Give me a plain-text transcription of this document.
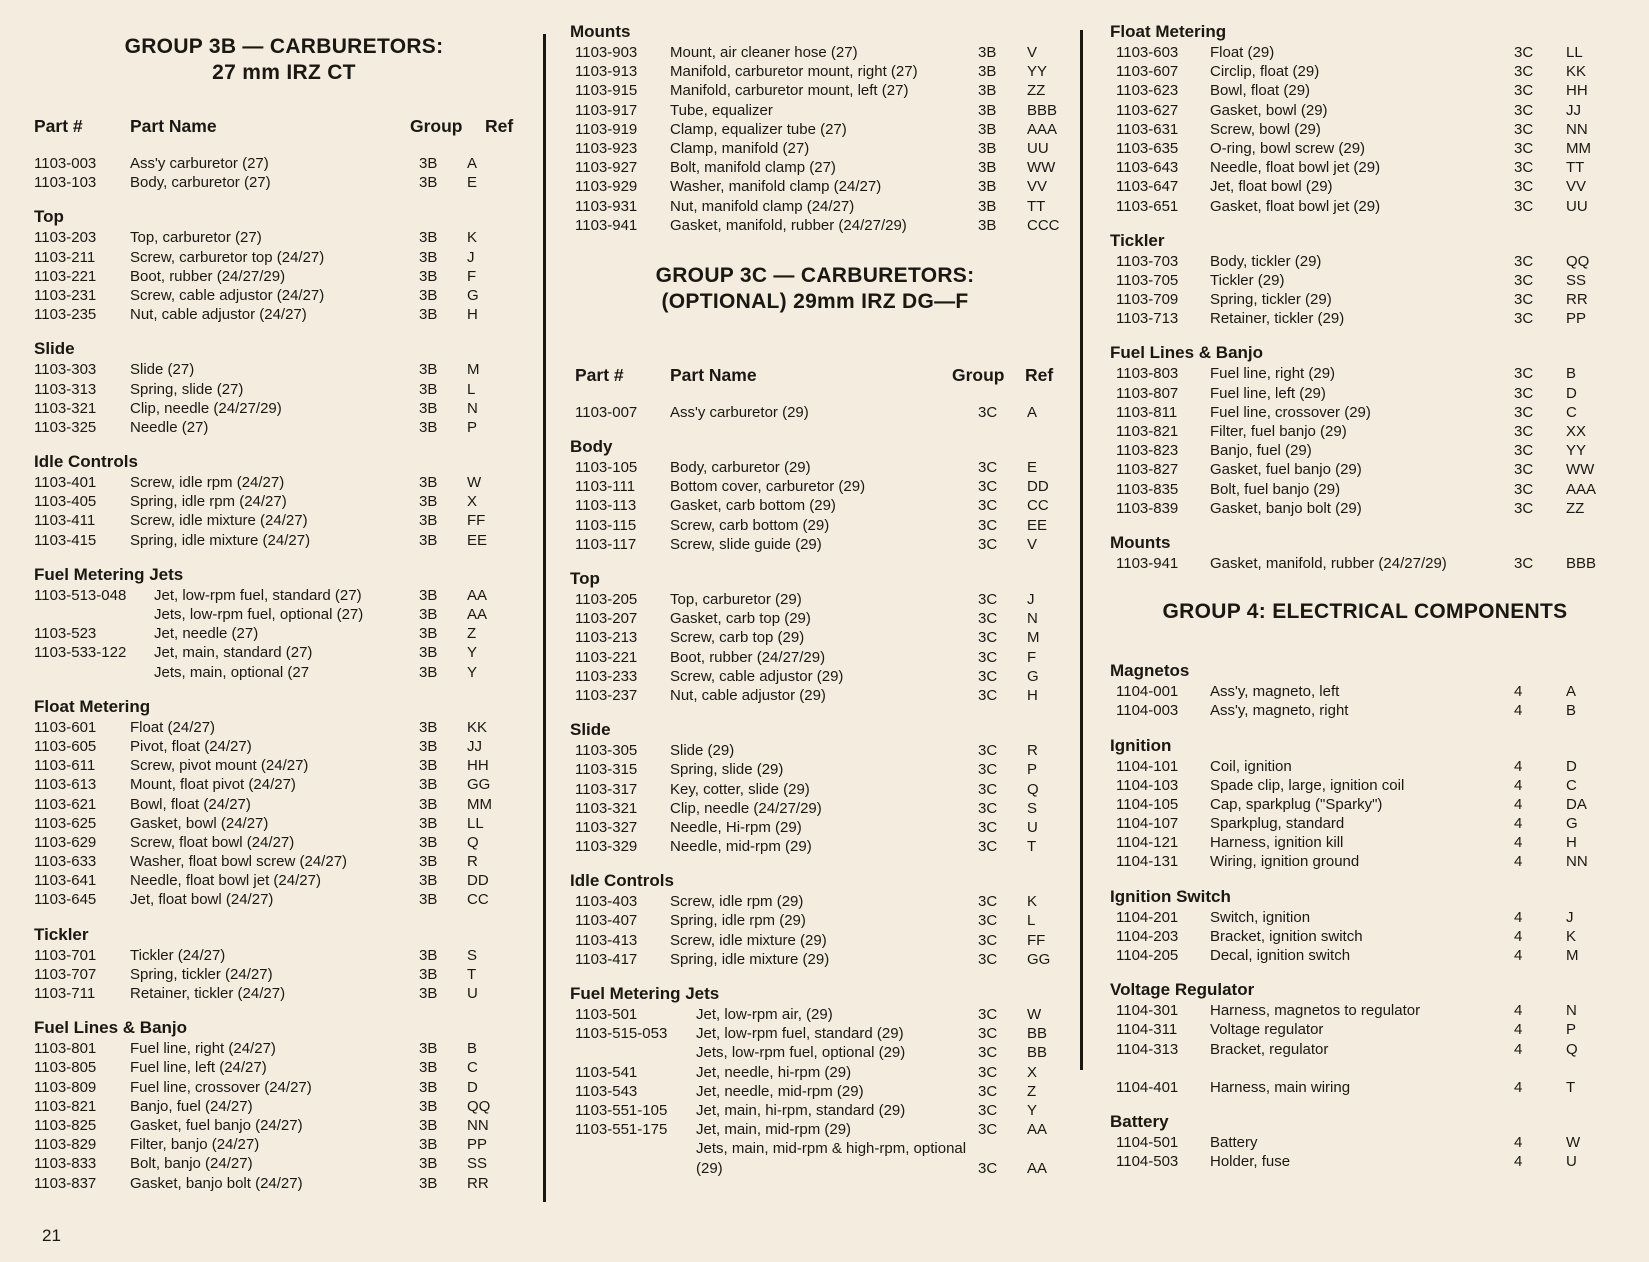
GROUP 3B — CARBURETORS:
27 mm IRZ CT
Part #	Part Name	Group Ref
1103-003 Ass'y carburetor (27)	3B A
1103-103 Body, carburetor (27)	3B E
Top
1103-203 Top, carburetor (27)	3B K
1103-211 Screw, carburetor top (24/27)	3B J
1103-221 Boot, rubber (24/27/29)	3B F
1103-231 Screw, cable adjustor (24/27)	3B G
1103-235 Nut, cable adjustor (24/27)	3B H
Slide
1103-303 Slide (27)	3B M
1103-313 Spring, slide (27)	3B L
1103-321 Clip, needle (24/27/29)	3B N
1103-325 Needle (27)	3B P
Idle Controls
1103-401 Screw, idle rpm (24/27)	3B W
1103-405 Spring, idle rpm (24/27)	3B X
1103-411 Screw, idle mixture (24/27)	3B FF
1103-415 Spring, idle mixture (24/27)	3B EE
Fuel Metering Jets
1103-513-048 Jet, low-rpm fuel, standard (27)	3B AA
Jets, low-rpm fuel, optional (27)	3B AA
1103-523	Jet, needle (27)	3B Z
1103-533-122 Jet, main, standard (27)	3B Y
Jets, main, optional (27	3B Y
Float Metering
1103-601 Float (24/27)	3B KK
1103-605 Pivot, float (24/27)	3B JJ
1103-611 Screw, pivot mount (24/27)	3B HH
1103-613 Mount, float pivot (24/27)	3B GG
1103-621 Bowl, float (24/27)	3B MM
1103-625 Gasket, bowl (24/27)	3B LL
1103-629 Screw, float bowl (24/27)	3B Q
1103-633 Washer, float bowl screw (24/27)	3B R
1103-641 Needle, float bowl jet (24/27)	3B DD
1103-645 Jet, float bowl (24/27)	3B CC
Tickler
1103-701 Tickler (24/27)	3B S
1103-707 Spring, tickler (24/27)	3B T
1103-711 Retainer, tickler (24/27)	3B U
Fuel Lines & Banjo
1103-801 Fuel line, right (24/27)	3B B
1103-805 Fuel line, left (24/27)	3B C
1103-809 Fuel line, crossover (24/27)	3B D
1103-821 Banjo, fuel (24/27)	3B QQ
1103-825 Gasket, fuel banjo (24/27)	3B NN
1103-829 Filter, banjo (24/27)	3B PP
1103-833 Bolt, banjo (24/27)	3B SS
1103-837 Gasket, banjo bolt (24/27)	3B RR
Mounts
1103-903 Mount, air cleaner hose (27)	3B V
1103-913 Manifold, carburetor mount, right (27)	3B YY
1103-915 Manifold, carburetor mount, left (27)	3B ZZ
1103-917 Tube, equalizer	3B BBB
1103-919 Clamp, equalizer tube (27)	3B AAA
1103-923 Clamp, manifold (27)	3B UU
1103-927 Bolt, manifold clamp (27)	3B WW
1103-929 Washer, manifold clamp (24/27)	3B VV
1103-931 Nut, manifold clamp (24/27)	3B TT
1103-941 Gasket, manifold, rubber (24/27/29)	3B CCC
GROUP 3C — CARBURETORS:
(OPTIONAL) 29mm IRZ DG—F
Part #	Part Name	Group Ref
1103-007 Ass'y carburetor (29)	3C A
Body
1103-105 Body, carburetor (29)	3C E
1103-111 Bottom cover, carburetor (29)	3C DD
1103-113 Gasket, carb bottom (29)	3C CC
1103-115 Screw, carb bottom (29)	3C EE
1103-117 Screw, slide guide (29)	3C V
Top
1103-205 Top, carburetor (29)	3C J
1103-207 Gasket, carb top (29)	3C N
1103-213 Screw, carb top (29)	3C M
1103-221 Boot, rubber (24/27/29)	3C F
1103-233 Screw, cable adjustor (29)	3C G
1103-237 Nut, cable adjustor (29)	3C H
Slide
1103-305 Slide (29)	3C R
1103-315 Spring, slide (29)	3C P
1103-317 Key, cotter, slide (29)	3C Q
1103-321 Clip, needle (24/27/29)	3C S
1103-327 Needle, Hi-rpm (29)	3C U
1103-329 Needle, mid-rpm (29)	3C T
Idle Controls
1103-403 Screw, idle rpm (29)	3C K
1103-407 Spring, idle rpm (29)	3C L
1103-413 Screw, idle mixture (29)	3C FF
1103-417 Spring, idle mixture (29)	3C GG
Fuel Metering Jets
1103-501	Jet, low-rpm air, (29)	3C W
1103-515-053 Jet, low-rpm fuel, standard (29)	3C BB
Jets, low-rpm fuel, optional (29)	3C BB
1103-541	Jet, needle, hi-rpm (29)	3C X
1103-543	Jet, needle, mid-rpm (29)	3C Z
1103-551-105 Jet, main, hi-rpm, standard (29)	3C Y
1103-551-175 Jet, main, mid-rpm (29)	3C AA
Jets, main, mid-rpm & high-rpm, optional
(29)	3C AA
Float Metering
1103-603 Float (29)	3C LL
1103-607 Circlip, float (29)	3C KK
1103-623 Bowl, float (29)	3C HH
1103-627 Gasket, bowl (29)	3C JJ
1103-631 Screw, bowl (29)	3C NN
1103-635 O-ring, bowl screw (29)	3C MM
1103-643 Needle, float bowl jet (29)	3C TT
1103-647 Jet, float bowl (29)	3C VV
1103-651 Gasket, float bowl jet (29)	3C UU
Tickler
1103-703 Body, tickler (29)	3C QQ
1103-705 Tickler (29)	3C SS
1103-709 Spring, tickler (29)	3C RR
1103-713 Retainer, tickler (29)	3C PP
Fuel Lines & Banjo
1103-803 Fuel line, right (29)	3C B
1103-807 Fuel line, left (29)	3C D
1103-811 Fuel line, crossover (29)	3C C
1103-821 Filter, fuel banjo (29)	3C XX
1103-823 Banjo, fuel (29)	3C YY
1103-827 Gasket, fuel banjo (29)	3C WW
1103-835 Bolt, fuel banjo (29)	3C AAA
1103-839 Gasket, banjo bolt (29)	3C ZZ
Mounts
1103-941 Gasket, manifold, rubber (24/27/29)	3C BBB
GROUP 4: ELECTRICAL COMPONENTS
Magnetos
1104-001 Ass'y, magneto, left	4	A
1104-003 Ass'y, magneto, right	4	B
Ignition
1104-101 Coil, ignition	4	D
1104-103 Spade clip, large, ignition coil	4	C
1104-105 Cap, sparkplug ("Sparky")	4	DA
1104-107 Sparkplug, standard	4	G
1104-121 Harness, ignition kill	4	H
1104-131 Wiring, ignition ground	4	NN
Ignition Switch
1104-201 Switch, ignition	4	J
1104-203 Bracket, ignition switch	4	K
1104-205 Decal, ignition switch	4	M
Voltage Regulator
1104-301 Harness, magnetos to regulator	4	N
1104-311 Voltage regulator	4	P
1104-313 Bracket, regulator	4	Q
1104-401 Harness, main wiring	4	T
Battery
1104-501 Battery	4	W
1104-503 Holder, fuse	4	U
21
